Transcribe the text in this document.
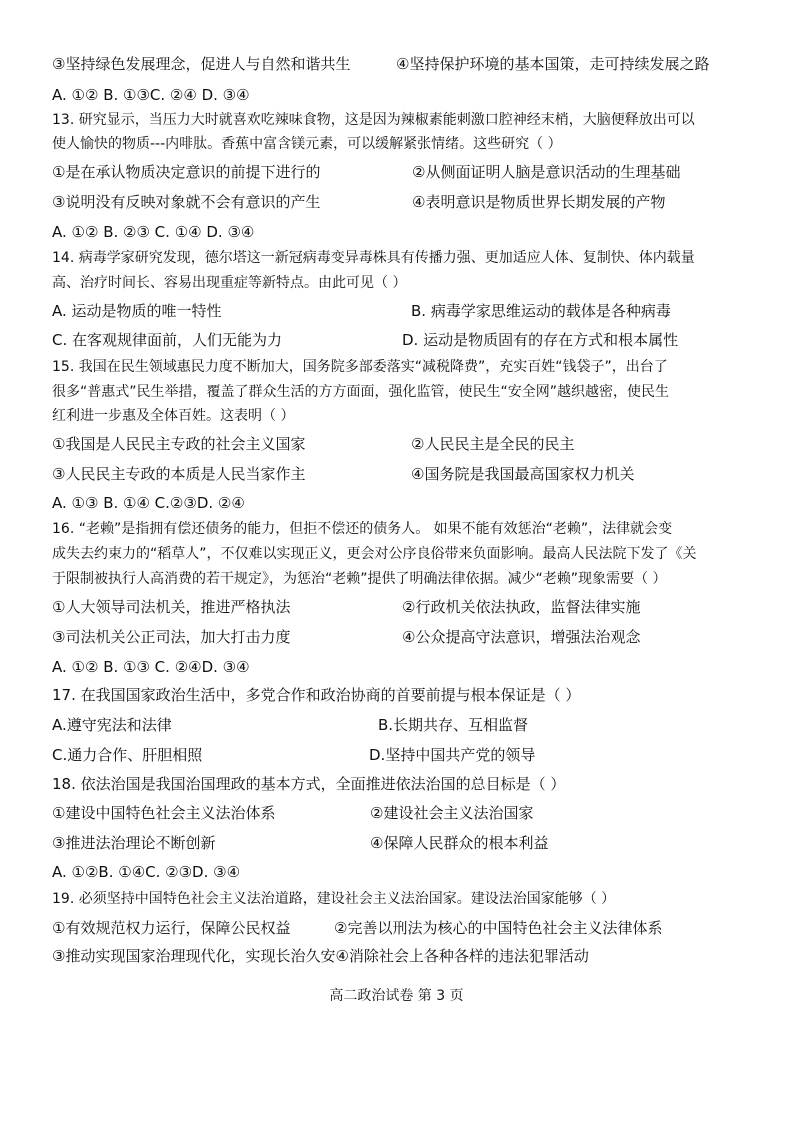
③坚持绿色发展理念，促进人与自然和谐共生	④坚持保护环境的基本国策，走可持续发展之路
A. ①② B. ①③C. ②④ D. ③④
13. 研究显示，当压力大时就喜欢吃辣味食物，这是因为辣椒素能刺激口腔神经末梢，大脑便释放出可以
使人愉快的物质---内啡肽。香蕉中富含镁元素，可以缓解紧张情绪。这些研究（ ）
①是在承认物质决定意识的前提下进行的	②从侧面证明人脑是意识活动的生理基础
③说明没有反映对象就不会有意识的产生	④表明意识是物质世界长期发展的产物
A. ①② B. ②③ C. ①④ D. ③④
14. 病毒学家研究发现，德尔塔这一新冠病毒变异毒株具有传播力强、更加适应人体、复制快、体内载量
高、治疗时间长、容易出现重症等新特点。由此可见（ ）
A. 运动是物质的唯一特性	B. 病毒学家思维运动的载体是各种病毒
C. 在客观规律面前，人们无能为力	D. 运动是物质固有的存在方式和根本属性
15. 我国在民生领域惠民力度不断加大，国务院多部委落实“减税降费”，充实百姓“钱袋子”，出台了
很多“普惠式”民生举措，覆盖了群众生活的方方面面，强化监管，使民生“安全网”越织越密，使民生
红利进一步惠及全体百姓。这表明（ ）
①我国是人民民主专政的社会主义国家	②人民民主是全民的民主
③人民民主专政的本质是人民当家作主	④国务院是我国最高国家权力机关
A. ①③ B. ①④ C.②③D. ②④
16. “老赖”是指拥有偿还债务的能力，但拒不偿还的债务人。 如果不能有效惩治“老赖”，法律就会变
成失去约束力的“稻草人”，不仅难以实现正义，更会对公序良俗带来负面影响。最高人民法院下发了《关
于限制被执行人高消费的若干规定》，为惩治“老赖”提供了明确法律依据。减少“老赖”现象需要（ ）
①人大领导司法机关，推进严格执法	②行政机关依法执政，监督法律实施
③司法机关公正司法，加大打击力度	④公众提高守法意识，增强法治观念
A. ①② B. ①③ C. ②④D. ③④
17. 在我国国家政治生活中，多党合作和政治协商的首要前提与根本保证是（ ）
A.遵守宪法和法律	B.长期共存、互相监督
C.通力合作、肝胆相照	D.坚持中国共产党的领导
18. 依法治国是我国治国理政的基本方式，全面推进依法治国的总目标是（ ）
①建设中国特色社会主义法治体系	②建设社会主义法治国家
③推进法治理论不断创新	④保障人民群众的根本利益
A. ①②B. ①④C. ②③D. ③④
19. 必须坚持中国特色社会主义法治道路，建设社会主义法治国家。建设法治国家能够（ ）
①有效规范权力运行，保障公民权益	②完善以刑法为核心的中国特色社会主义法律体系
③推动实现国家治理现代化，实现长治久安④消除社会上各种各样的违法犯罪活动
高二政治试卷 第 3 页
